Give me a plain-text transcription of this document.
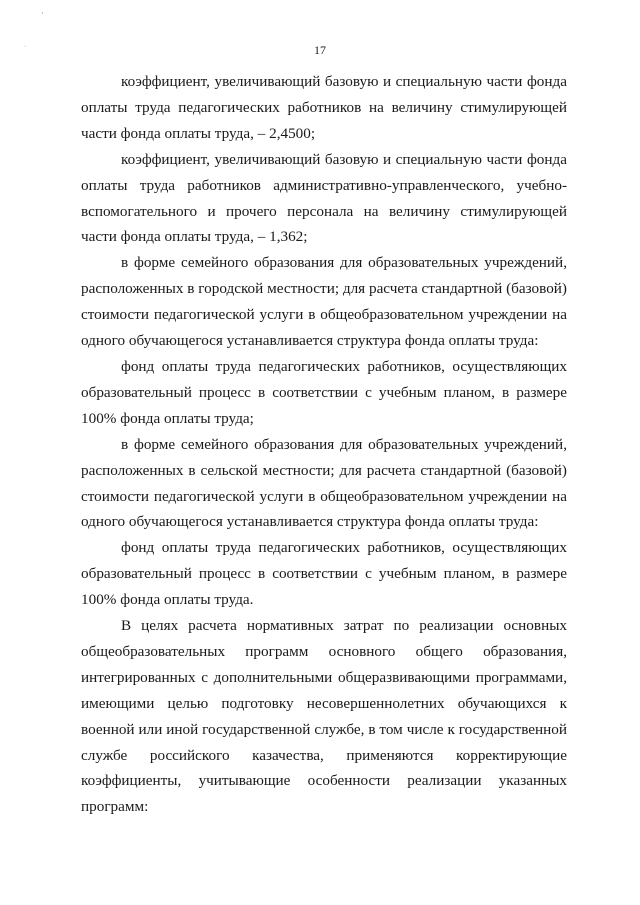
·
·	17

коэффициент, увеличивающий базовую и специальную части фонда оплаты труда педагогических работников на величину стимулирующей части фонда оплаты труда, – 2,4500;

коэффициент, увеличивающий базовую и специальную части фонда оплаты труда работников административно-управленческого, учебно-вспомогательного и прочего персонала на величину стимулирующей части фонда оплаты труда, – 1,362;

в форме семейного образования для образовательных учреждений, расположенных в городской местности; для расчета стандартной (базовой) стоимости педагогической услуги в общеобразовательном учреждении на одного обучающегося устанавливается структура фонда оплаты труда:

фонд оплаты труда педагогических работников, осуществляющих образовательный процесс в соответствии с учебным планом, в размере 100% фонда оплаты труда;

в форме семейного образования для образовательных учреждений, расположенных в сельской местности; для расчета стандартной (базовой) стоимости педагогической услуги в общеобразовательном учреждении на одного обучающегося устанавливается структура фонда оплаты труда:

фонд оплаты труда педагогических работников, осуществляющих образовательный процесс в соответствии с учебным планом, в размере 100% фонда оплаты труда.

В целях расчета нормативных затрат по реализации основных общеобразовательных программ основного общего образования, интегрированных с дополнительными общеразвивающими программами, имеющими целью подготовку несовершеннолетних обучающихся к военной или иной государственной службе, в том числе к государственной службе российского казачества, применяются корректирующие коэффициенты, учитывающие особенности реализации указанных программ:
